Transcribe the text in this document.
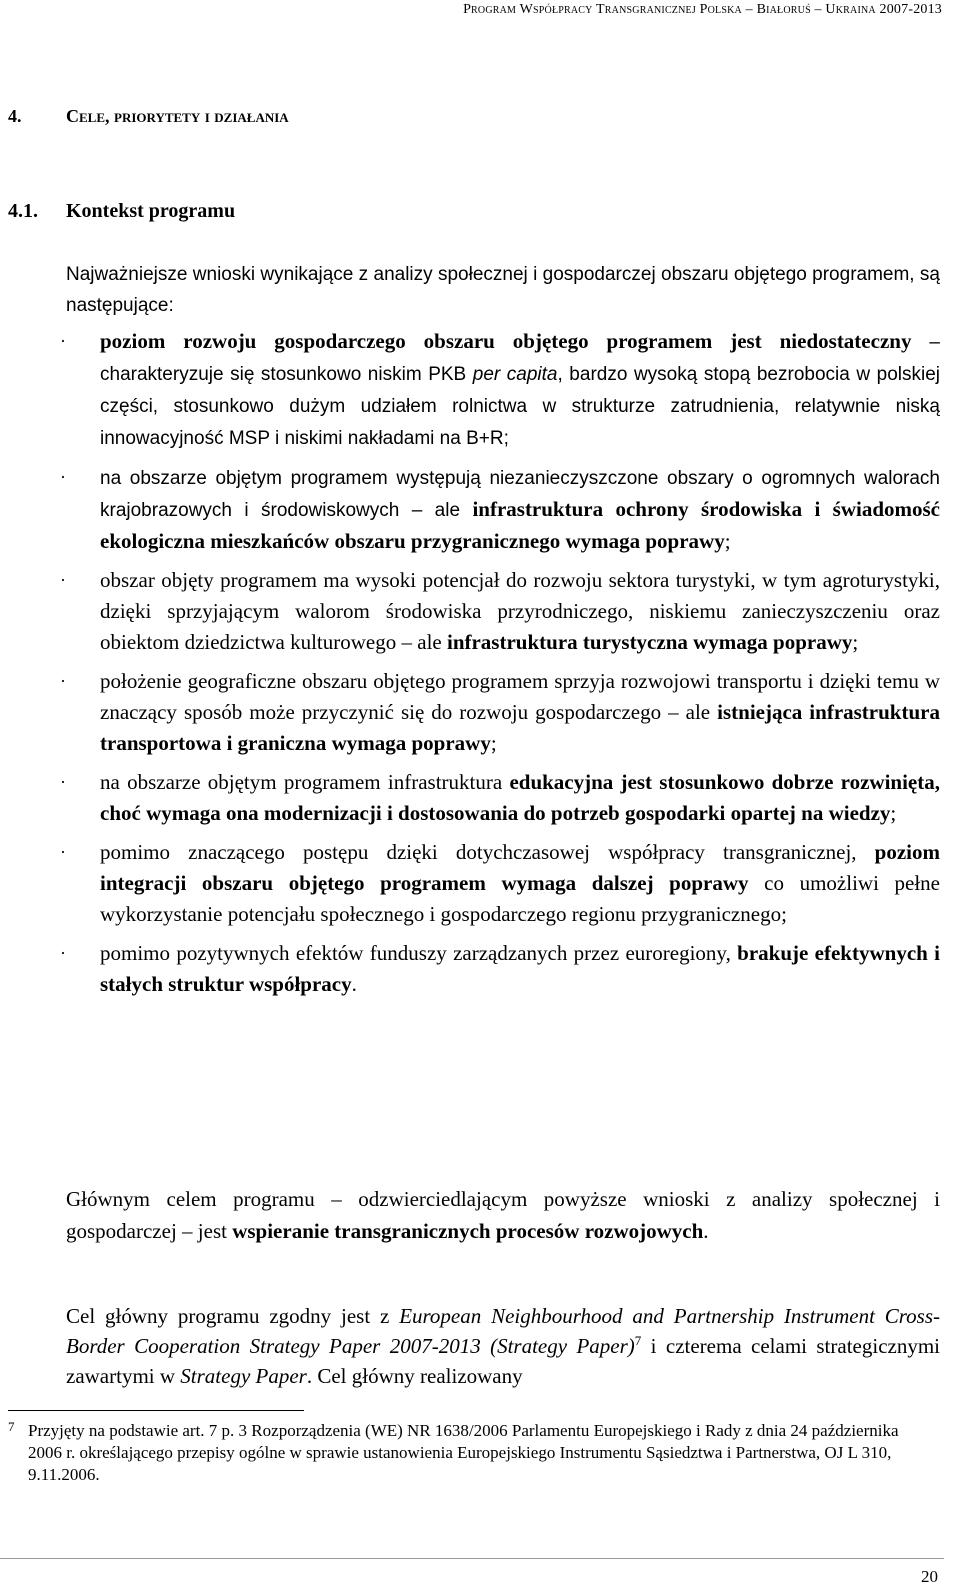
Program Współpracy Transgranicznej Polska – Białoruś – Ukraina 2007-2013
4. Cele, priorytety i działania
4.1. Kontekst programu

Najważniejsze wnioski wynikające z analizy społecznej i gospodarczej obszaru objętego programem, są następujące:

·
poziom rozwoju gospodarczego obszaru objętego programem jest niedostateczny – charakteryzuje się stosunkowo niskim PKB per capita, bardzo wysoką stopą bezrobocia w polskiej części, stosunkowo dużym udziałem rolnictwa w strukturze zatrudnienia, relatywnie niską innowacyjność MSP i niskimi nakładami na B+R;
·
na obszarze objętym programem występują niezanieczyszczone obszary o ogromnych walorach krajobrazowych i środowiskowych – ale infrastruktura ochrony środowiska i świadomość ekologiczna mieszkańców obszaru przygranicznego wymaga poprawy;
·
obszar objęty programem ma wysoki potencjał do rozwoju sektora turystyki, w tym agroturystyki, dzięki sprzyjającym walorom środowiska przyrodniczego, niskiemu zanieczyszczeniu oraz obiektom dziedzictwa kulturowego – ale infrastruktura turystyczna wymaga poprawy;
·
położenie geograficzne obszaru objętego programem sprzyja rozwojowi transportu i dzięki temu w znaczący sposób może przyczynić się do rozwoju gospodarczego – ale istniejąca infrastruktura transportowa i graniczna wymaga poprawy;
·
na obszarze objętym programem infrastruktura edukacyjna jest stosunkowo dobrze rozwinięta, choć wymaga ona modernizacji i dostosowania do potrzeb gospodarki opartej na wiedzy;
·
pomimo znaczącego postępu dzięki dotychczasowej współpracy transgranicznej, poziom integracji obszaru objętego programem wymaga dalszej poprawy co umożliwi pełne wykorzystanie potencjału społecznego i gospodarczego regionu przygranicznego;
·
pomimo pozytywnych efektów funduszy zarządzanych przez euroregiony, brakuje efektywnych i stałych struktur współpracy.

Głównym celem programu – odzwierciedlającym powyższe wnioski z analizy społecznej i gospodarczej – jest wspieranie transgranicznych procesów rozwojowych.

Cel główny programu zgodny jest z European Neighbourhood and Partnership Instrument Cross-Border Cooperation Strategy Paper 2007-2013 (Strategy Paper)$^7$ i czterema celami strategicznymi zawartymi w Strategy Paper. Cel główny realizowany

7 Przyjęty na podstawie art. 7 p. 3 Rozporządzenia (WE) NR 1638/2006 Parlamentu Europejskiego i Rady z dnia 24 października 2006 r. określającego przepisy ogólne w sprawie ustanowienia Europejskiego Instrumentu Sąsiedztwa i Partnerstwa, OJ L 310, 9.11.2006.
20
